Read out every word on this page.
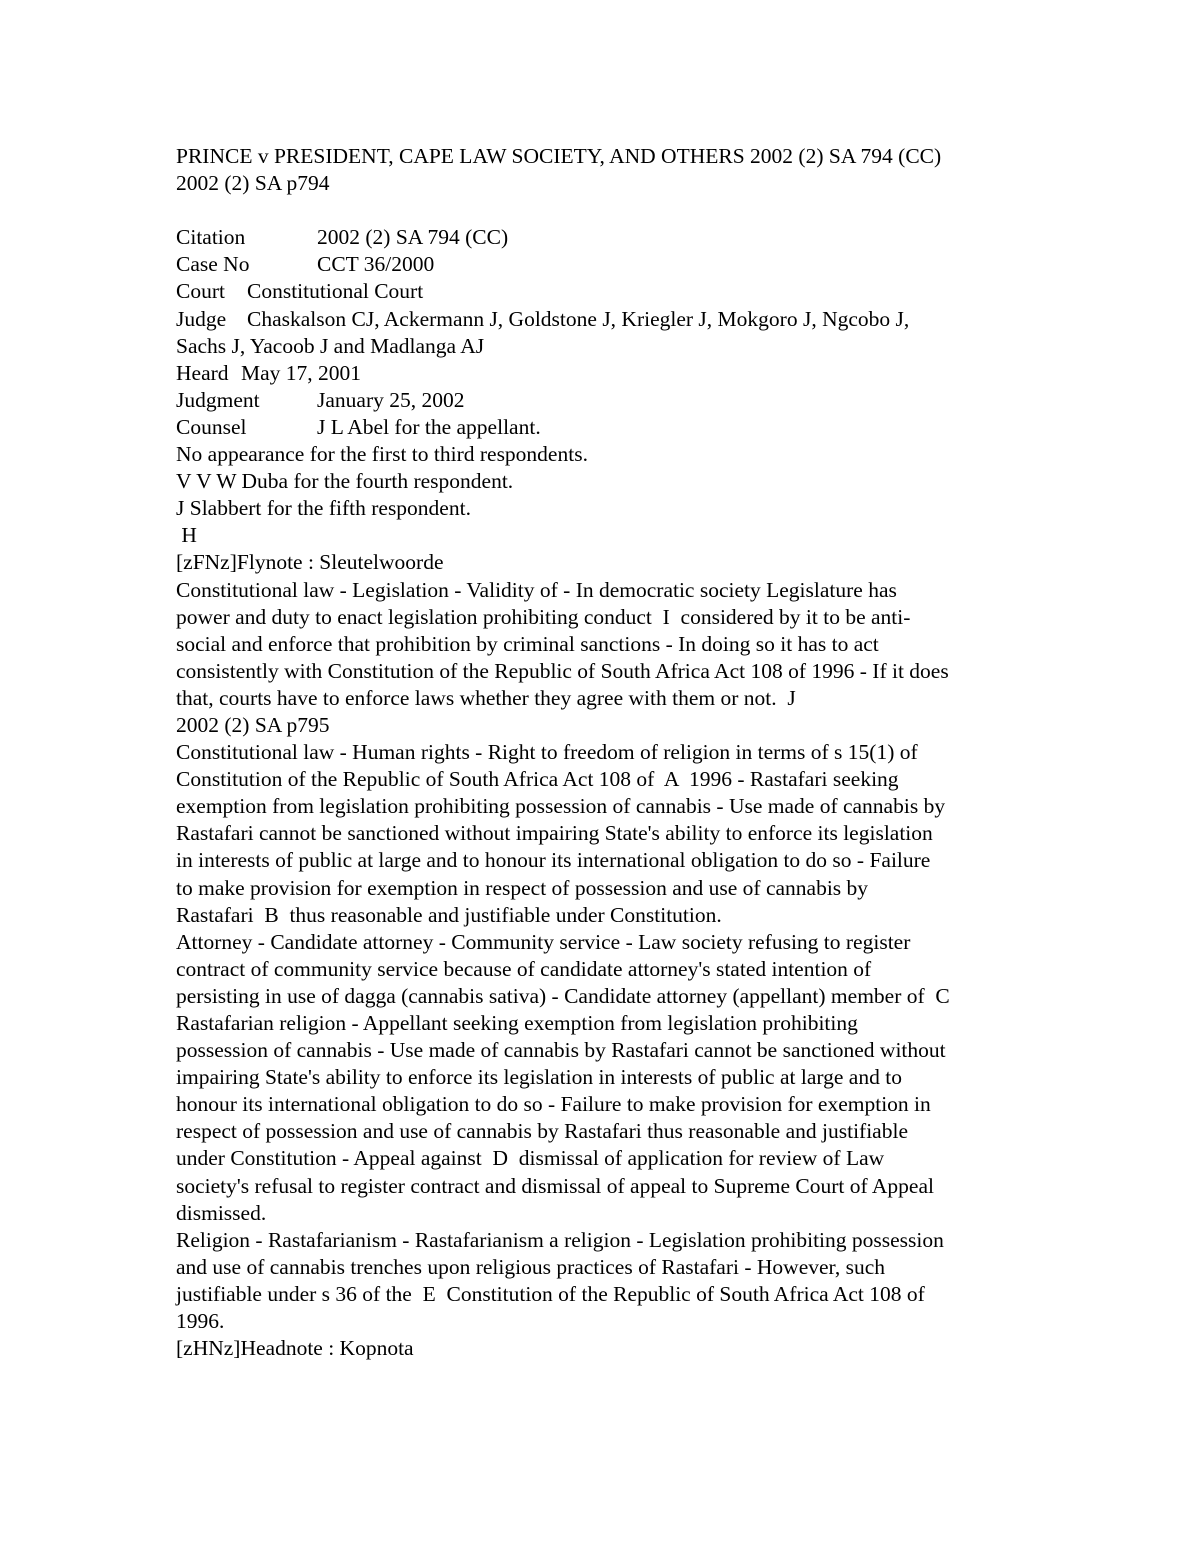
PRINCE v PRESIDENT, CAPE LAW SOCIETY, AND OTHERS 2002 (2) SA 794 (CC)
2002 (2) SA p794
Citation	2002 (2) SA 794 (CC)
Case No	CCT 36/2000
Court Constitutional Court
Judge Chaskalson CJ, Ackermann J, Goldstone J, Kriegler J, Mokgoro J, Ngcobo J,
Sachs J, Yacoob J and Madlanga AJ
Heard May 17, 2001
Judgment	January 25, 2002
Counsel	J L Abel for the appellant.
No appearance for the first to third respondents.
V V W Duba for the fourth respondent.
J Slabbert for the fifth respondent.
H
[zFNz]Flynote : Sleutelwoorde
Constitutional law - Legislation - Validity of - In democratic society Legislature has
power and duty to enact legislation prohibiting conduct  I  considered by it to be anti-
social and enforce that prohibition by criminal sanctions - In doing so it has to act
consistently with Constitution of the Republic of South Africa Act 108 of 1996 - If it does
that, courts have to enforce laws whether they agree with them or not.  J
2002 (2) SA p795
Constitutional law - Human rights - Right to freedom of religion in terms of s 15(1) of
Constitution of the Republic of South Africa Act 108 of  A  1996 - Rastafari seeking
exemption from legislation prohibiting possession of cannabis - Use made of cannabis by
Rastafari cannot be sanctioned without impairing State's ability to enforce its legislation
in interests of public at large and to honour its international obligation to do so - Failure
to make provision for exemption in respect of possession and use of cannabis by
Rastafari  B  thus reasonable and justifiable under Constitution.
Attorney - Candidate attorney - Community service - Law society refusing to register
contract of community service because of candidate attorney's stated intention of
persisting in use of dagga (cannabis sativa) - Candidate attorney (appellant) member of  C
Rastafarian religion - Appellant seeking exemption from legislation prohibiting
possession of cannabis - Use made of cannabis by Rastafari cannot be sanctioned without
impairing State's ability to enforce its legislation in interests of public at large and to
honour its international obligation to do so - Failure to make provision for exemption in
respect of possession and use of cannabis by Rastafari thus reasonable and justifiable
under Constitution - Appeal against  D  dismissal of application for review of Law
society's refusal to register contract and dismissal of appeal to Supreme Court of Appeal
dismissed.
Religion - Rastafarianism - Rastafarianism a religion - Legislation prohibiting possession
and use of cannabis trenches upon religious practices of Rastafari - However, such
justifiable under s 36 of the  E  Constitution of the Republic of South Africa Act 108 of
1996.
[zHNz]Headnote : Kopnota
